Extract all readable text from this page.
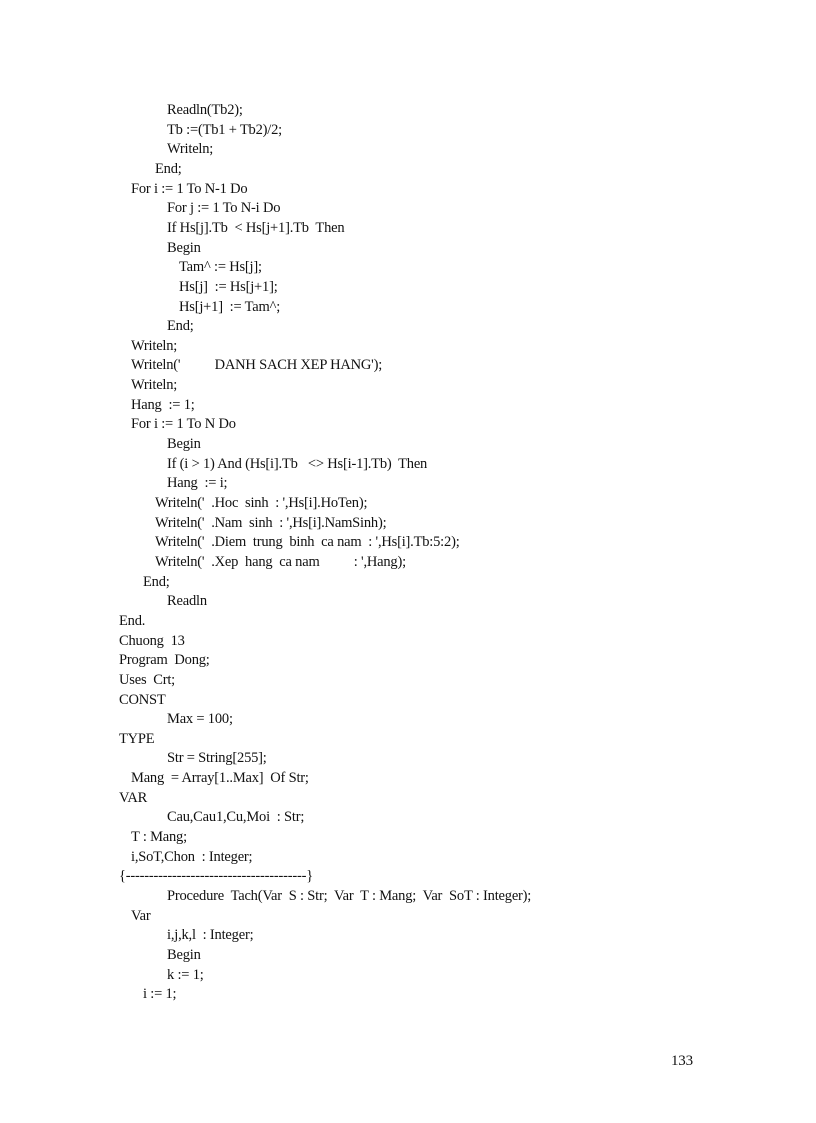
Readln(Tb2);
Tb :=(Tb1 + Tb2)/2;
Writeln;
End;
For i := 1 To N-1 Do
For j := 1 To N-i Do
If Hs[j].Tb  < Hs[j+1].Tb  Then
Begin
Tam^ := Hs[j];
Hs[j]  := Hs[j+1];
Hs[j+1]  := Tam^;
End;
Writeln;
Writeln('          DANH SACH XEP HANG');
Writeln;
Hang  := 1;
For i := 1 To N Do
Begin
If (i > 1) And (Hs[i].Tb   <> Hs[i-1].Tb)  Then
Hang  := i;
Writeln('  .Hoc  sinh  : ',Hs[i].HoTen);
Writeln('  .Nam  sinh  : ',Hs[i].NamSinh);
Writeln('  .Diem  trung  binh  ca nam  : ',Hs[i].Tb:5:2);
Writeln('  .Xep  hang  ca nam          : ',Hang);
End;
Readln
End.
Chuong  13
Program  Dong;
Uses  Crt;
CONST
Max = 100;
TYPE
Str = String[255];
Mang  = Array[1..Max]  Of Str;
VAR
Cau,Cau1,Cu,Moi  : Str;
T : Mang;
i,SoT,Chon  : Integer;
{---------------------------------------}
Procedure  Tach(Var  S : Str;  Var  T : Mang;  Var  SoT : Integer);
Var
i,j,k,l  : Integer;
Begin
k := 1;
i := 1;
133
